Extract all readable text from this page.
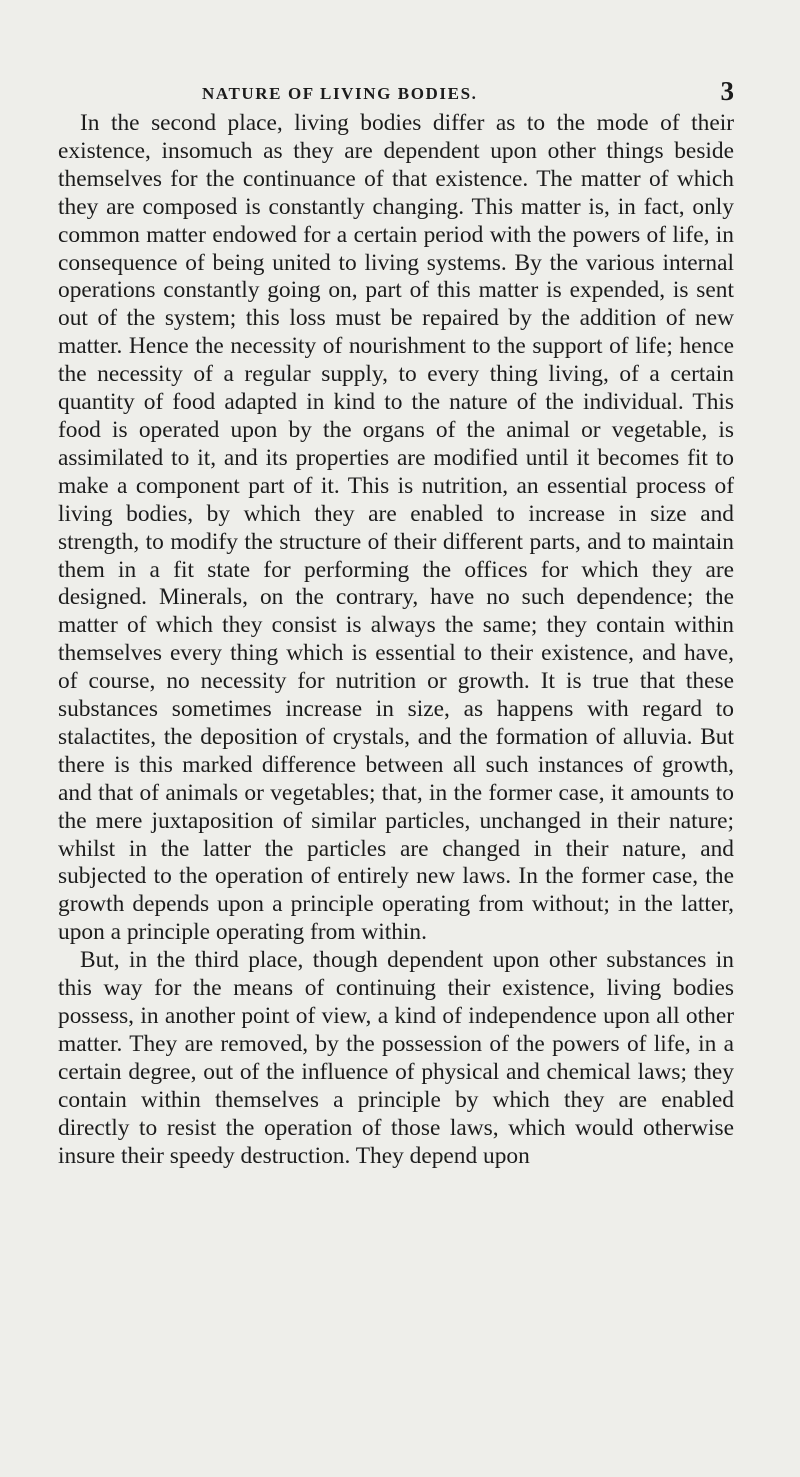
NATURE OF LIVING BODIES.	3

In the second place, living bodies differ as to the mode of their existence, insomuch as they are dependent upon other things beside themselves for the continuance of that existence. The matter of which they are composed is constantly changing. This matter is, in fact, only common matter endowed for a certain period with the powers of life, in consequence of being united to living systems. By the various internal operations constantly going on, part of this matter is expended, is sent out of the system; this loss must be repaired by the addition of new matter. Hence the necessity of nourishment to the support of life; hence the necessity of a regular supply, to every thing living, of a certain quantity of food adapted in kind to the nature of the individual. This food is operated upon by the organs of the animal or vegetable, is assimilated to it, and its properties are modified until it becomes fit to make a component part of it. This is nutrition, an essential process of living bodies, by which they are enabled to increase in size and strength, to modify the structure of their different parts, and to maintain them in a fit state for performing the offices for which they are designed. Minerals, on the contrary, have no such dependence; the matter of which they consist is always the same; they contain within themselves every thing which is essential to their existence, and have, of course, no necessity for nutrition or growth. It is true that these substances sometimes increase in size, as happens with regard to stalactites, the deposition of crystals, and the formation of alluvia. But there is this marked difference between all such instances of growth, and that of animals or vegetables; that, in the former case, it amounts to the mere juxtaposition of similar particles, unchanged in their nature; whilst in the latter the particles are changed in their nature, and subjected to the operation of entirely new laws. In the former case, the growth depends upon a principle operating from without; in the latter, upon a principle operating from within.

But, in the third place, though dependent upon other substances in this way for the means of continuing their existence, living bodies possess, in another point of view, a kind of independence upon all other matter. They are removed, by the possession of the powers of life, in a certain degree, out of the influence of physical and chemical laws; they contain within themselves a principle by which they are enabled directly to resist the operation of those laws, which would otherwise insure their speedy destruction. They depend upon
